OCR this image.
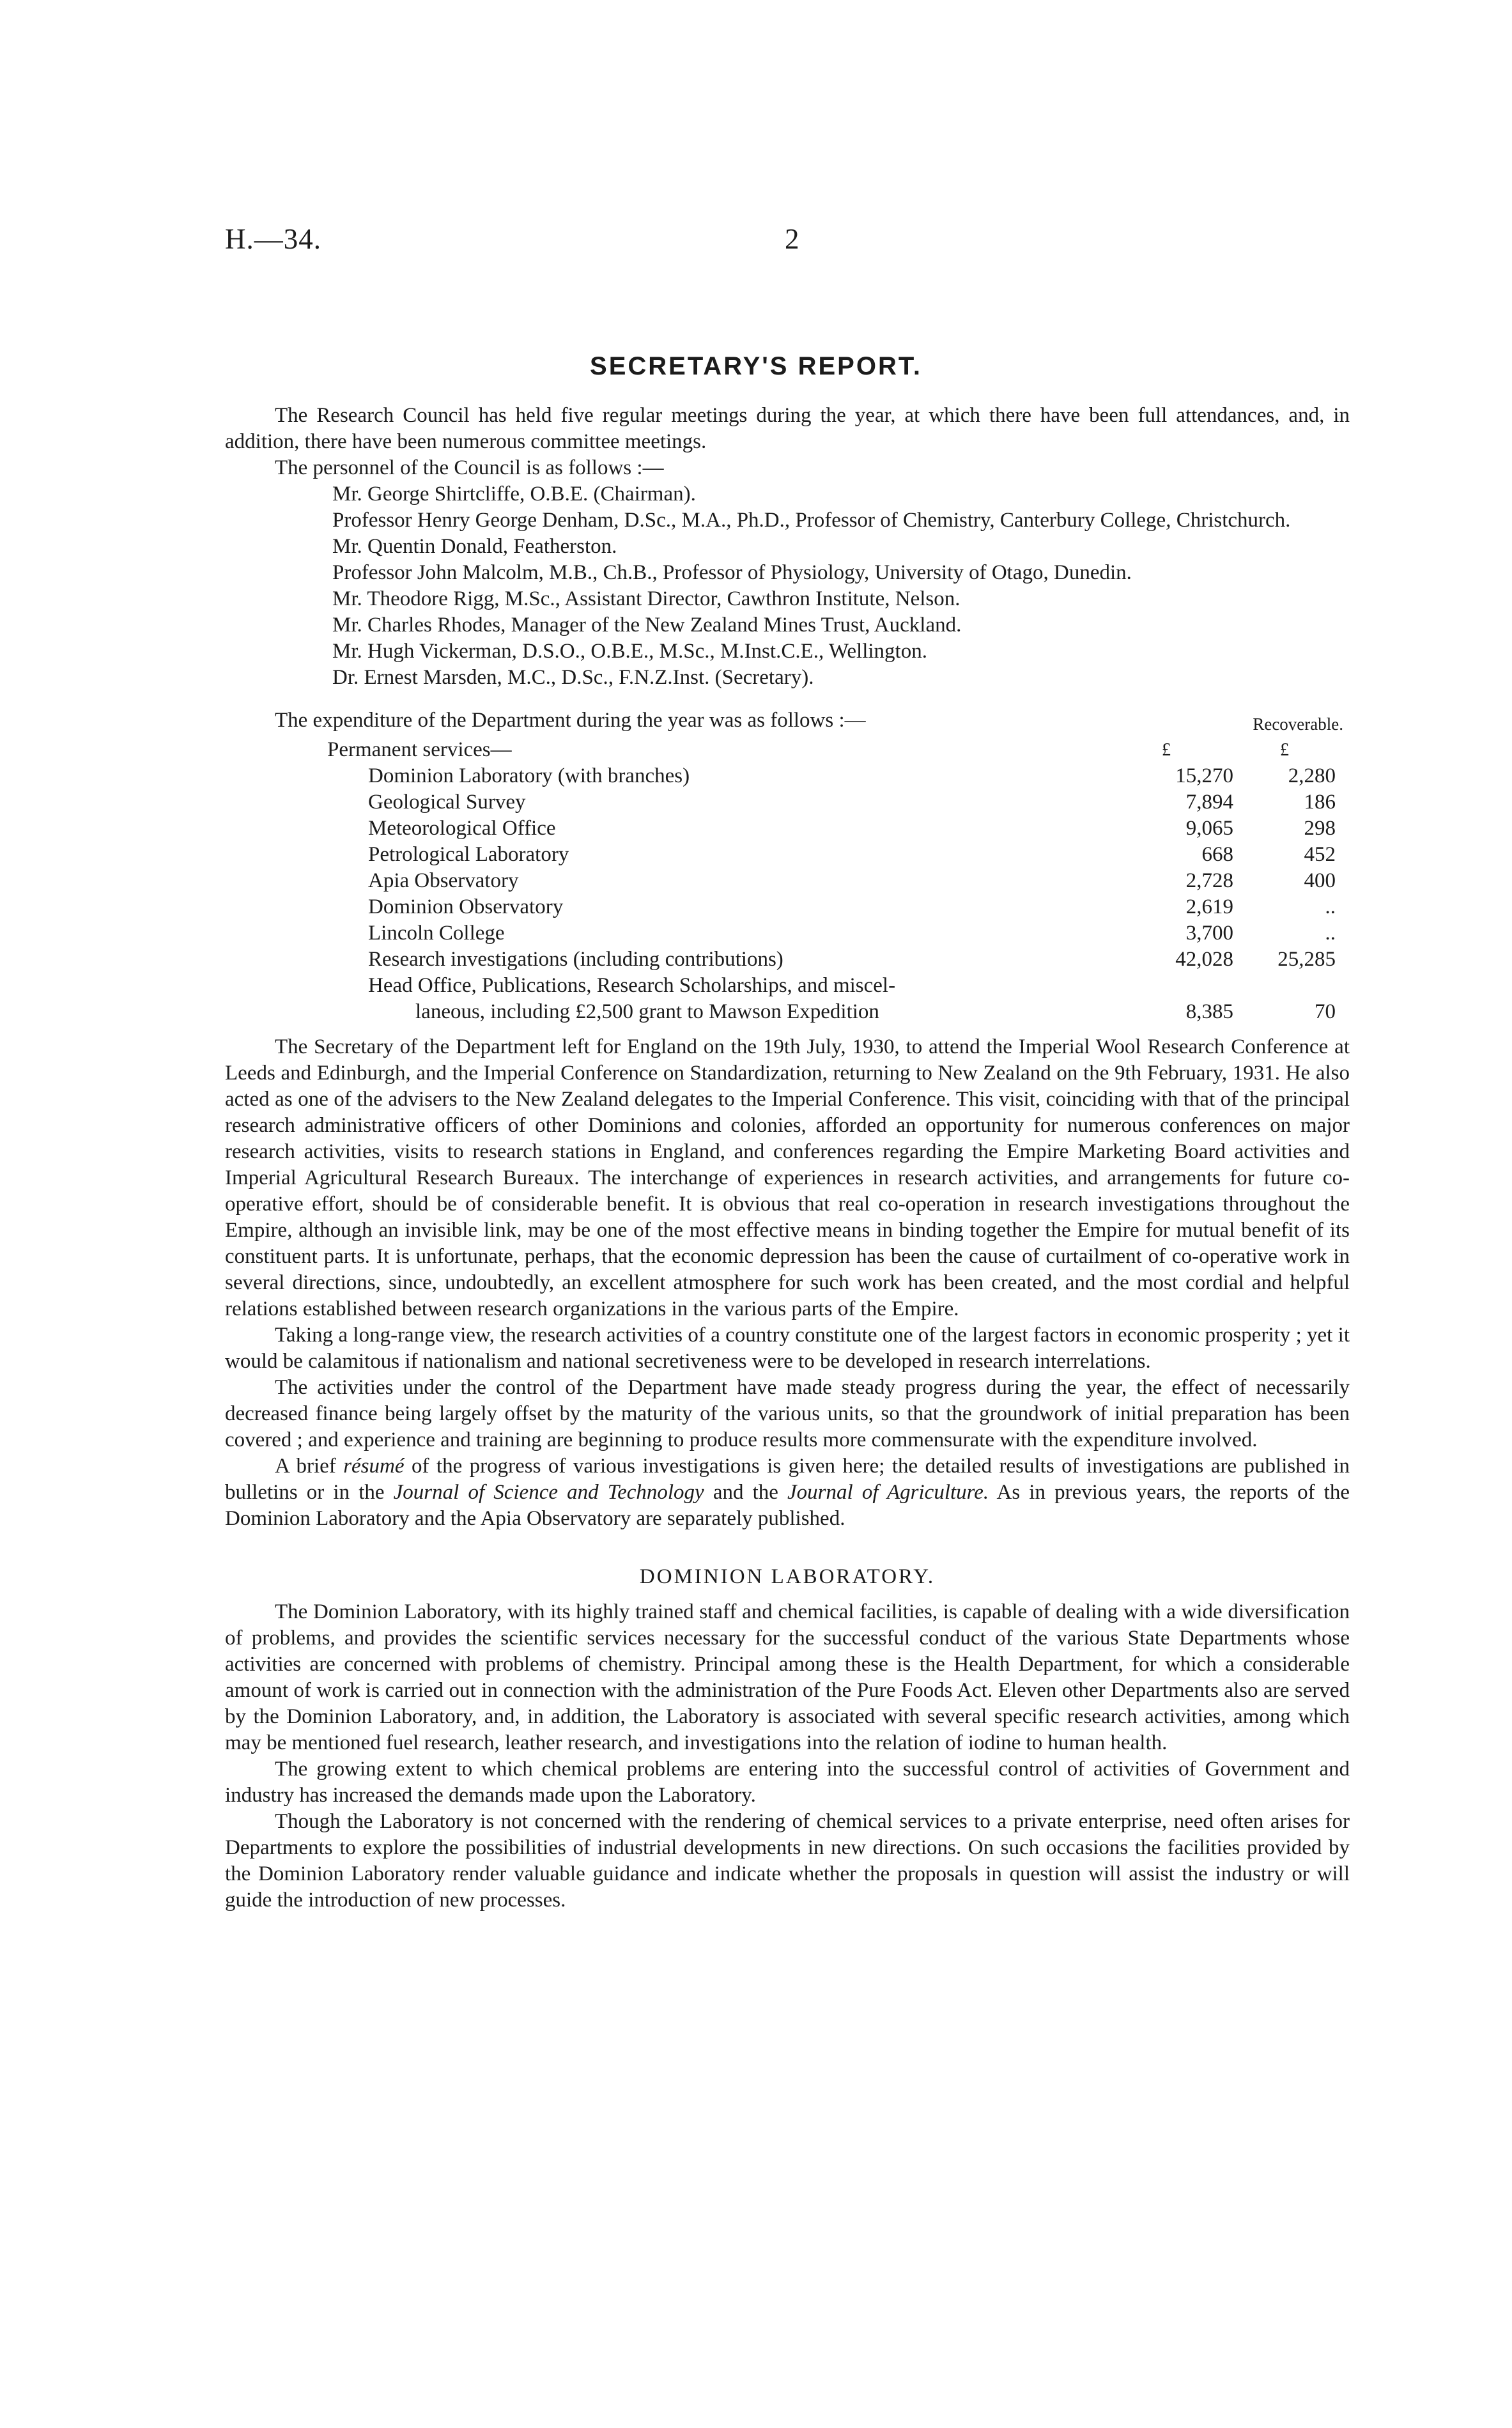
H.—34.	2
SECRETARY'S REPORT.

The Research Council has held five regular meetings during the year, at which there have been full attendances, and, in addition, there have been numerous committee meetings.

The personnel of the Council is as follows :—

Mr. George Shirtcliffe, O.B.E. (Chairman).
Professor Henry George Denham, D.Sc., M.A., Ph.D., Professor of Chemistry, Canterbury College, Christchurch.
Mr. Quentin Donald, Featherston.
Professor John Malcolm, M.B., Ch.B., Professor of Physiology, University of Otago, Dunedin.
Mr. Theodore Rigg, M.Sc., Assistant Director, Cawthron Institute, Nelson.
Mr. Charles Rhodes, Manager of the New Zealand Mines Trust, Auckland.
Mr. Hugh Vickerman, D.S.O., O.B.E., M.Sc., M.Inst.C.E., Wellington.
Dr. Ernest Marsden, M.C., D.Sc., F.N.Z.Inst. (Secretary).
The expenditure of the Department during the year was as follows :—	Recoverable.
Permanent services—	£	£
Dominion Laboratory (with branches)	15,270	2,280
Geological Survey	7,894	186
Meteorological Office	9,065	298
Petrological Laboratory	668	452
Apia Observatory	2,728	400
Dominion Observatory	2,619	..
Lincoln College	3,700	..
Research investigations (including contributions)	42,028	25,285
Head Office, Publications, Research Scholarships, and miscel-		
laneous, including £2,500 grant to Mawson Expedition	8,385	70

The Secretary of the Department left for England on the 19th July, 1930, to attend the Imperial Wool Research Conference at Leeds and Edinburgh, and the Imperial Conference on Standardization, returning to New Zealand on the 9th February, 1931. He also acted as one of the advisers to the New Zealand delegates to the Imperial Conference. This visit, coinciding with that of the principal research administrative officers of other Dominions and colonies, afforded an opportunity for numerous conferences on major research activities, visits to research stations in England, and conferences regarding the Empire Marketing Board activities and Imperial Agricultural Research Bureaux. The interchange of experiences in research activities, and arrangements for future co-operative effort, should be of considerable benefit. It is obvious that real co-operation in research investigations throughout the Empire, although an invisible link, may be one of the most effective means in binding together the Empire for mutual benefit of its constituent parts. It is unfortunate, perhaps, that the economic depression has been the cause of curtailment of co-operative work in several directions, since, undoubtedly, an excellent atmosphere for such work has been created, and the most cordial and helpful relations established between research organizations in the various parts of the Empire.

Taking a long-range view, the research activities of a country constitute one of the largest factors in economic prosperity ; yet it would be calamitous if nationalism and national secretiveness were to be developed in research interrelations.

The activities under the control of the Department have made steady progress during the year, the effect of necessarily decreased finance being largely offset by the maturity of the various units, so that the groundwork of initial preparation has been covered ; and experience and training are beginning to produce results more commensurate with the expenditure involved.

A brief résumé of the progress of various investigations is given here; the detailed results of investigations are published in bulletins or in the Journal of Science and Technology and the Journal of Agriculture. As in previous years, the reports of the Dominion Laboratory and the Apia Observatory are separately published.

DOMINION LABORATORY.

The Dominion Laboratory, with its highly trained staff and chemical facilities, is capable of dealing with a wide diversification of problems, and provides the scientific services necessary for the successful conduct of the various State Departments whose activities are concerned with problems of chemistry. Principal among these is the Health Department, for which a considerable amount of work is carried out in connection with the administration of the Pure Foods Act. Eleven other Departments also are served by the Dominion Laboratory, and, in addition, the Laboratory is associated with several specific research activities, among which may be mentioned fuel research, leather research, and investigations into the relation of iodine to human health.

The growing extent to which chemical problems are entering into the successful control of activities of Government and industry has increased the demands made upon the Laboratory.

Though the Laboratory is not concerned with the rendering of chemical services to a private enterprise, need often arises for Departments to explore the possibilities of industrial developments in new directions. On such occasions the facilities provided by the Dominion Laboratory render valuable guidance and indicate whether the proposals in question will assist the industry or will guide the introduction of new processes.
